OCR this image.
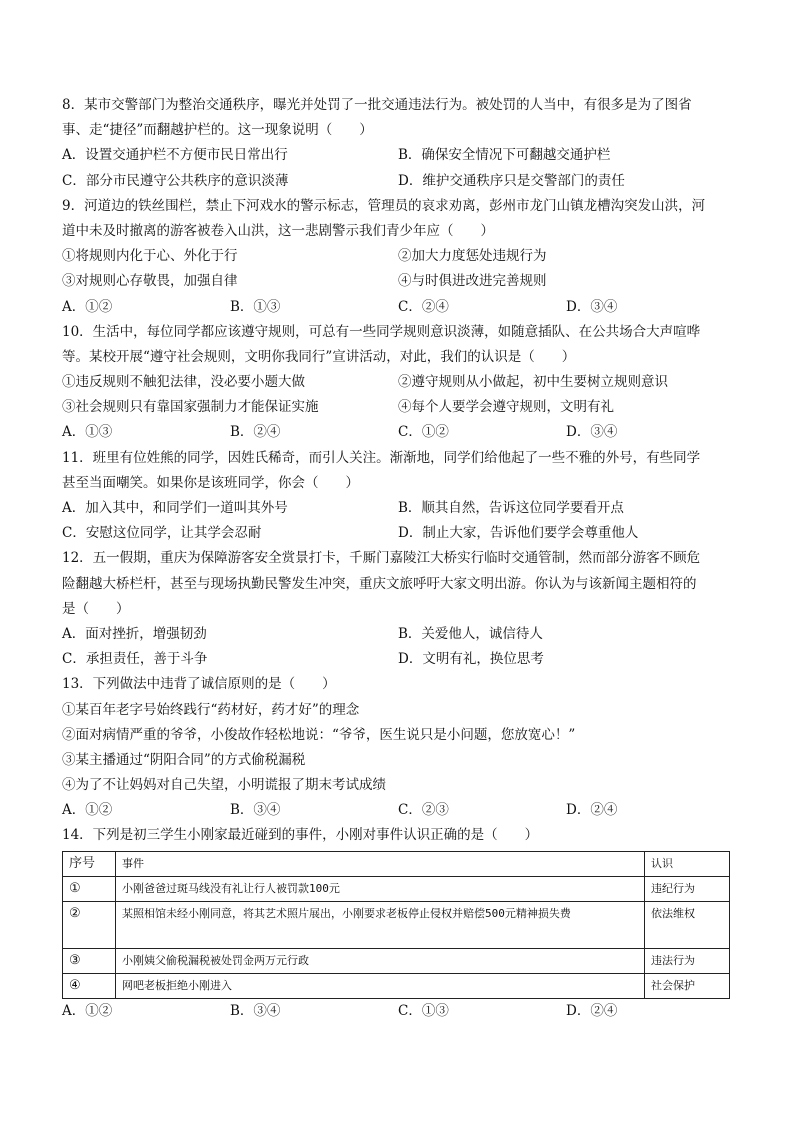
8．某市交警部门为整治交通秩序，曝光并处罚了一批交通违法行为。被处罚的人当中，有很多是为了图省
事、走“捷径”而翻越护栏的。这一现象说明（　　）
A．设置交通护栏不方便市民日常出行	B．确保安全情况下可翻越交通护栏
C．部分市民遵守公共秩序的意识淡薄	D．维护交通秩序只是交警部门的责任
9．河道边的铁丝围栏，禁止下河戏水的警示标志，管理员的哀求劝离，彭州市龙门山镇龙槽沟突发山洪，河
道中未及时撤离的游客被卷入山洪，这一悲剧警示我们青少年应（　　）
①将规则内化于心、外化于行	②加大力度惩处违规行为
③对规则心存敬畏，加强自律	④与时俱进改进完善规则
A．①②	B．①③	C．②④	D．③④
10．生活中，每位同学都应该遵守规则，可总有一些同学规则意识淡薄，如随意插队、在公共场合大声喧哗
等。某校开展“遵守社会规则，文明你我同行”宣讲活动，对此，我们的认识是（　　）
①违反规则不触犯法律，没必要小题大做	②遵守规则从小做起，初中生要树立规则意识
③社会规则只有靠国家强制力才能保证实施	④每个人要学会遵守规则，文明有礼
A．①③	B．②④	C．①②	D．③④
11．班里有位姓熊的同学，因姓氏稀奇，而引人关注。渐渐地，同学们给他起了一些不雅的外号，有些同学
甚至当面嘲笑。如果你是该班同学，你会（　　）
A．加入其中，和同学们一道叫其外号	B．顺其自然，告诉这位同学要看开点
C．安慰这位同学，让其学会忍耐	D．制止大家，告诉他们要学会尊重他人
12．五一假期，重庆为保障游客安全赏景打卡，千厮门嘉陵江大桥实行临时交通管制，然而部分游客不顾危
险翻越大桥栏杆，甚至与现场执勤民警发生冲突，重庆文旅呼吁大家文明出游。你认为与该新闻主题相符的
是（　　）
A．面对挫折，增强韧劲	B．关爱他人，诚信待人
C．承担责任，善于斗争	D．文明有礼，换位思考
13．下列做法中违背了诚信原则的是（　　）
①某百年老字号始终践行“药材好，药才好”的理念
②面对病情严重的爷爷，小俊故作轻松地说：“爷爷，医生说只是小问题，您放宽心！”
③某主播通过“阴阳合同”的方式偷税漏税
④为了不让妈妈对自己失望，小明谎报了期末考试成绩
A．①②	B．③④	C．②③	D．②④
14．下列是初三学生小刚家最近碰到的事件，小刚对事件认识正确的是（　　）
序号	事件	认识
①	小刚爸爸过斑马线没有礼让行人被罚款100元	违纪行为
②	某照相馆未经小刚同意，将其艺术照片展出，小刚要求老板停止侵权并赔偿500元精神损失费	依法维权
③	小刚姨父偷税漏税被处罚金两万元行政	违法行为
④	网吧老板拒绝小刚进入	社会保护
A．①②	B．③④	C．①③	D．②④
